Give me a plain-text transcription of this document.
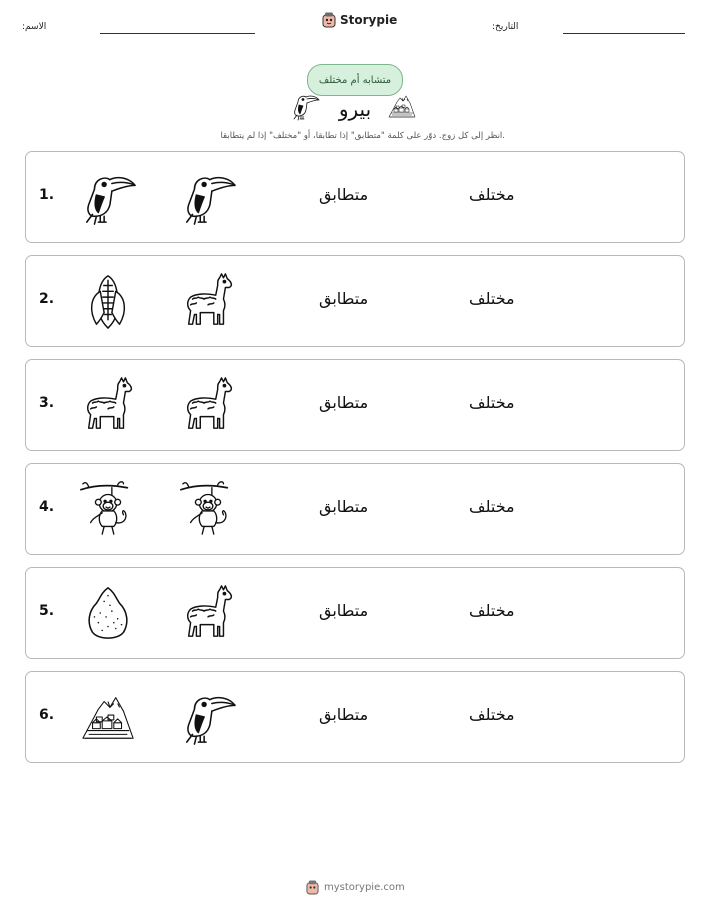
:الاسم	Storypie	:التاريخ
متشابه أم مختلف
بيرو
انظر إلى كل زوج. دوّر على كلمة "متطابق" إذا تطابقا، أو "مختلف" إذا لم يتطابقا.
1.	متطابق	مختلف
2.	متطابق	مختلف
3.	متطابق	مختلف
4.	متطابق	مختلف
5.	متطابق	مختلف
6.	متطابق	مختلف
mystorypie.com
